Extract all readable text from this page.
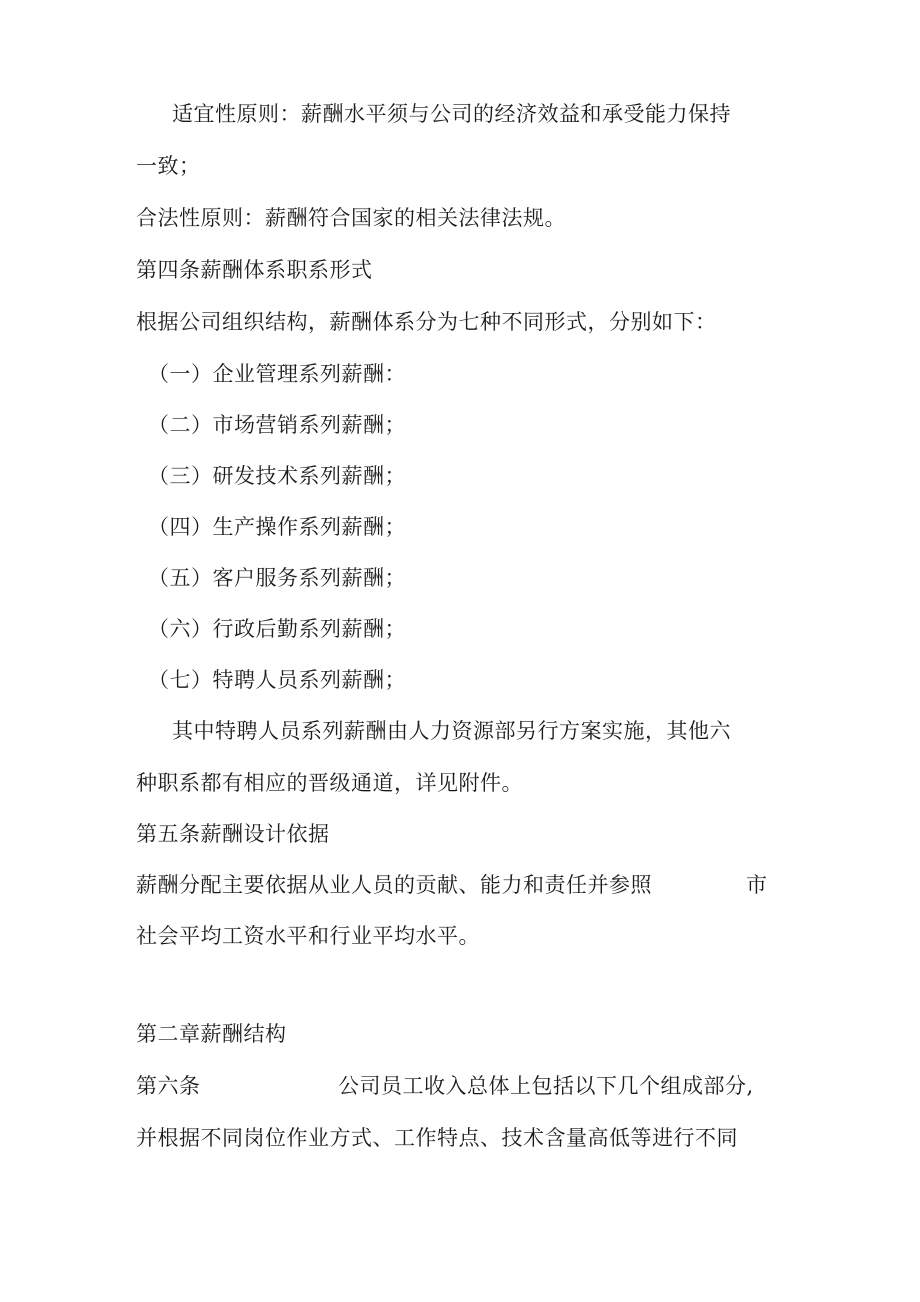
适宜性原则：薪酬水平须与公司的经济效益和承受能力保持
一致；
合法性原则：薪酬符合国家的相关法律法规。
第四条薪酬体系职系形式
根据公司组织结构，薪酬体系分为七种不同形式，分别如下：
（一）企业管理系列薪酬：
（二）市场营销系列薪酬；
（三）研发技术系列薪酬；
（四）生产操作系列薪酬；
（五）客户服务系列薪酬；
（六）行政后勤系列薪酬；
（七）特聘人员系列薪酬；
其中特聘人员系列薪酬由人力资源部另行方案实施，其他六
种职系都有相应的晋级通道，详见附件。
第五条薪酬设计依据
薪酬分配主要依据从业人员的贡献、能力和责任并参照	市
社会平均工资水平和行业平均水平。
第二章薪酬结构
第六条	公司员工收入总体上包括以下几个组成部分,
并根据不同岗位作业方式、工作特点、技术含量高低等进行不同
